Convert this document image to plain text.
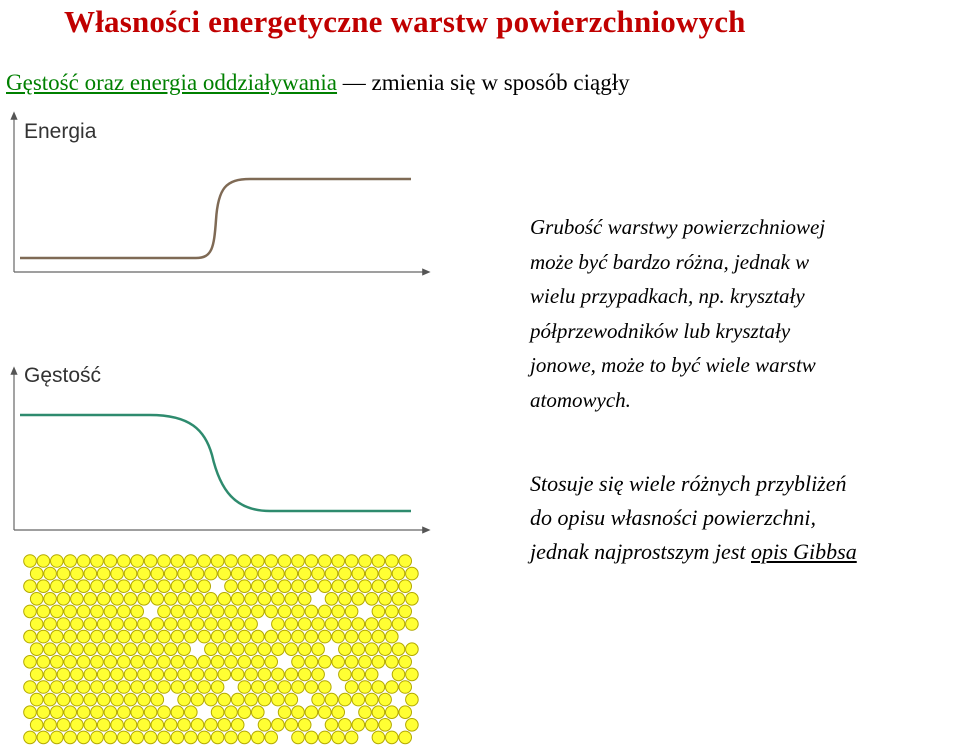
Własności energetyczne warstw powierzchniowych
Gęstość oraz energia oddziaływania — zmienia się w sposób ciągły
Energia
Gęstość
Grubość warstwy powierzchniowej
może być bardzo różna, jednak w
wielu przypadkach, np. kryształy
półprzewodników lub kryształy
jonowe, może to być wiele warstw
atomowych.
Stosuje się wiele różnych przybliżeń
do opisu własności powierzchni,
jednak najprostszym jest opis Gibbsa
